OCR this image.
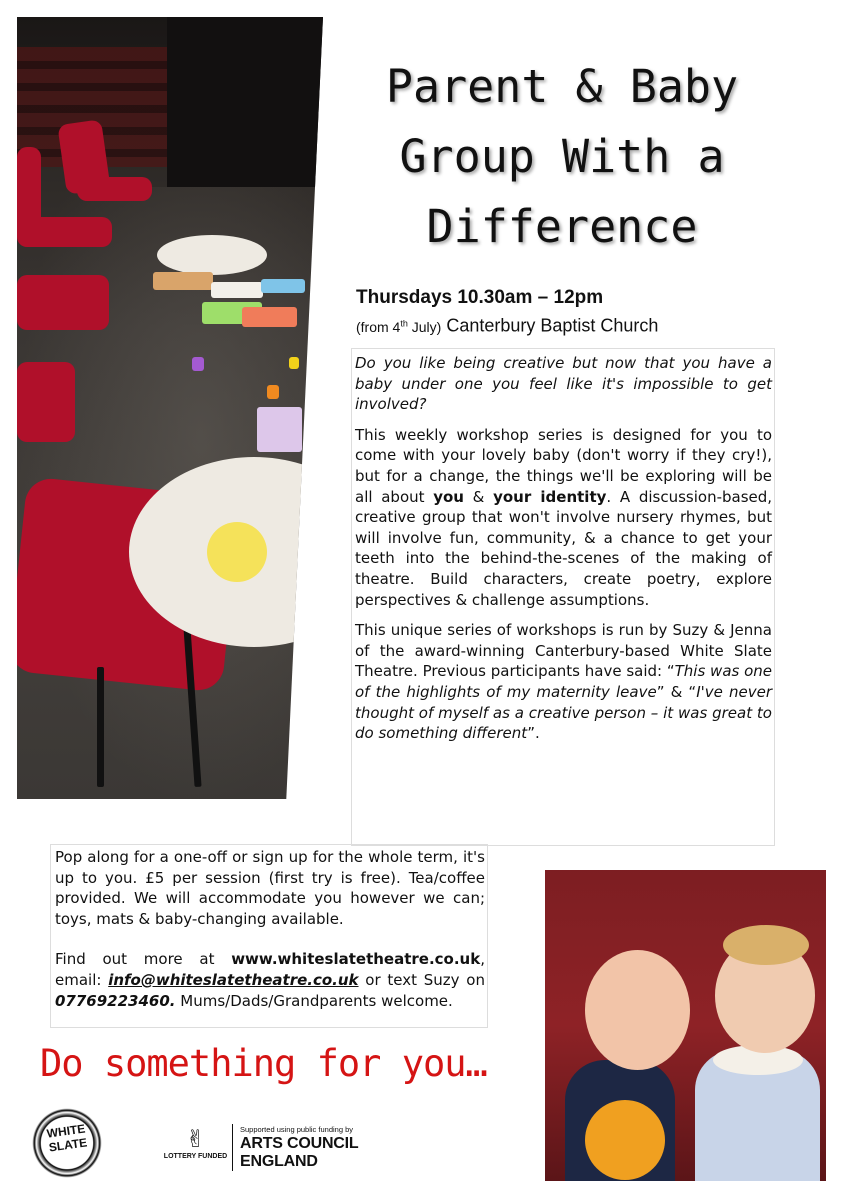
Parent & Baby
Group With a
Difference
Thursdays 10.30am – 12pm
(from 4th July) Canterbury Baptist Church

Do you like being creative but now that you have a baby under one you feel like it's impossible to get involved?

This weekly workshop series is designed for you to come with your lovely baby (don't worry if they cry!), but for a change, the things we'll be exploring will be all about you & your identity. A discussion-based, creative group that won't involve nursery rhymes, but will involve fun, community, & a chance to get your teeth into the behind-the-scenes of the making of theatre. Build characters, create poetry, explore perspectives & challenge assumptions.

This unique series of workshops is run by Suzy & Jenna of the award-winning Canterbury-based White Slate Theatre. Previous participants have said: “This was one of the highlights of my maternity leave” & “I've never thought of myself as a creative person – it was great to do something different”.

Pop along for a one-off or sign up for the whole term, it's up to you. £5 per session (first try is free). Tea/coffee provided. We will accommodate you however we can; toys, mats & baby-changing available.

Find out more at www.whiteslatetheatre.co.uk, email: info@whiteslatetheatre.co.uk or text Suzy on 07769223460. Mums/Dads/Grandparents welcome.

Do something for you…
WHITE
SLATE	✌
LOTTERY FUNDED
Supported using public funding by
ARTS COUNCIL
ENGLAND
